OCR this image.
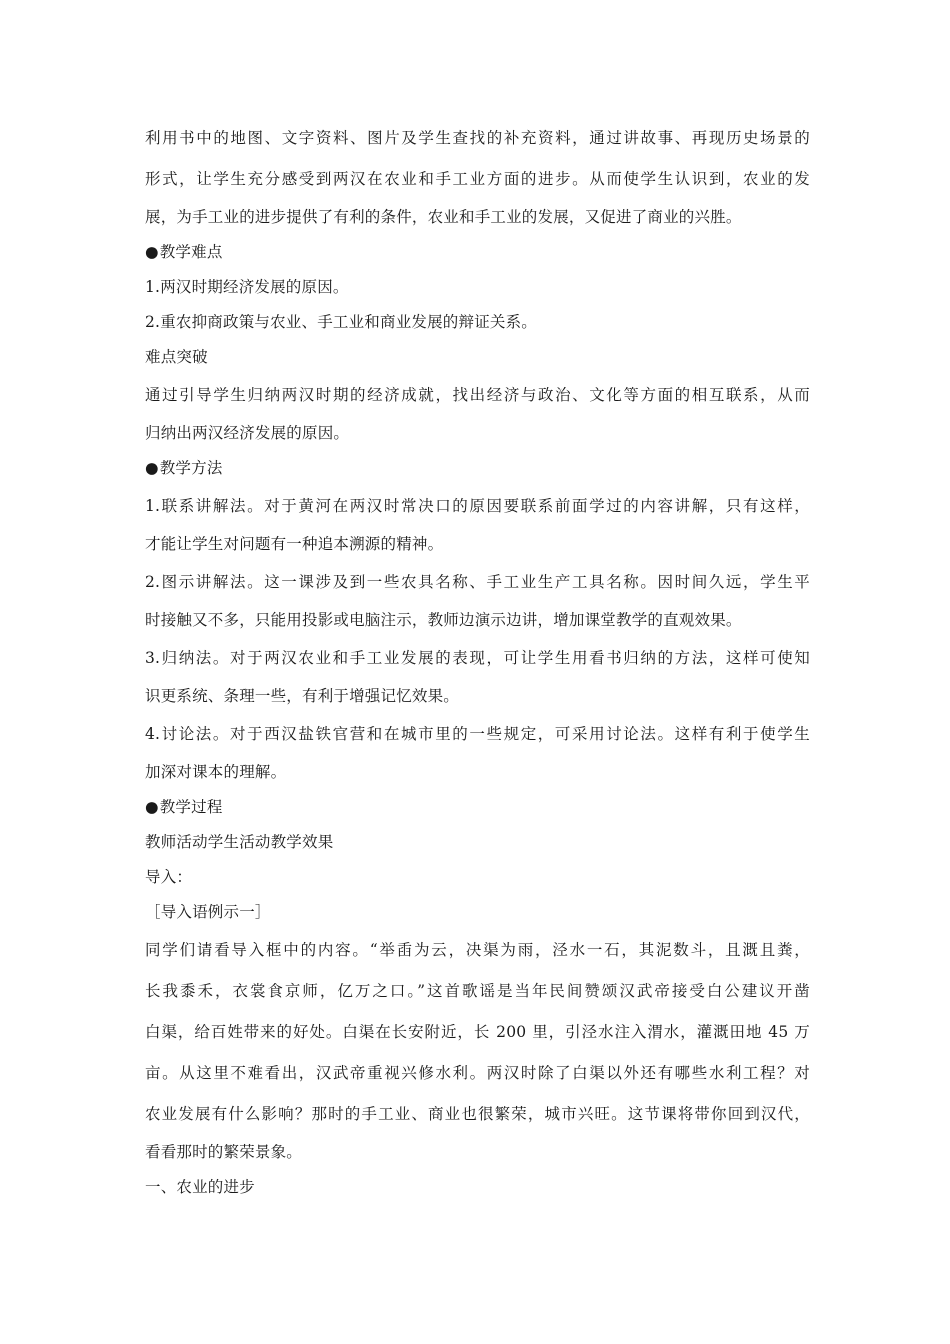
利用书中的地图、文字资料、图片及学生查找的补充资料，通过讲故事、再现历史场景的
形式，让学生充分感受到两汉在农业和手工业方面的进步。从而使学生认识到，农业的发
展，为手工业的进步提供了有利的条件，农业和手工业的发展，又促进了商业的兴胜。
● 教学难点
1.两汉时期经济发展的原因。
2.重农抑商政策与农业、手工业和商业发展的辩证关系。
难点突破
通过引导学生归纳两汉时期的经济成就，找出经济与政治、文化等方面的相互联系，从而
归纳出两汉经济发展的原因。
● 教学方法
1.联系讲解法。对于黄河在两汉时常决口的原因要联系前面学过的内容讲解，只有这样，
才能让学生对问题有一种追本溯源的精神。
2.图示讲解法。这一课涉及到一些农具名称、手工业生产工具名称。因时间久远，学生平
时接触又不多，只能用投影或电脑注示，教师边演示边讲，增加课堂教学的直观效果。
3.归纳法。对于两汉农业和手工业发展的表现，可让学生用看书归纳的方法，这样可使知
识更系统、条理一些，有利于增强记忆效果。
4.讨论法。对于西汉盐铁官营和在城市里的一些规定，可采用讨论法。这样有利于使学生
加深对课本的理解。
● 教学过程
教师活动学生活动教学效果
导入：
［导入语例示一］
同学们请看导入框中的内容。“举臿为云，决渠为雨，泾水一石，其泥数斗，且溉且粪，
长我黍禾，衣裳食京师，亿万之口。”这首歌谣是当年民间赞颂汉武帝接受白公建议开凿
白渠，给百姓带来的好处。白渠在长安附近，长 200 里，引泾水注入渭水，灌溉田地 45 万
亩。从这里不难看出，汉武帝重视兴修水利。两汉时除了白渠以外还有哪些水利工程？对
农业发展有什么影响？那时的手工业、商业也很繁荣，城市兴旺。这节课将带你回到汉代，
看看那时的繁荣景象。
一、农业的进步
